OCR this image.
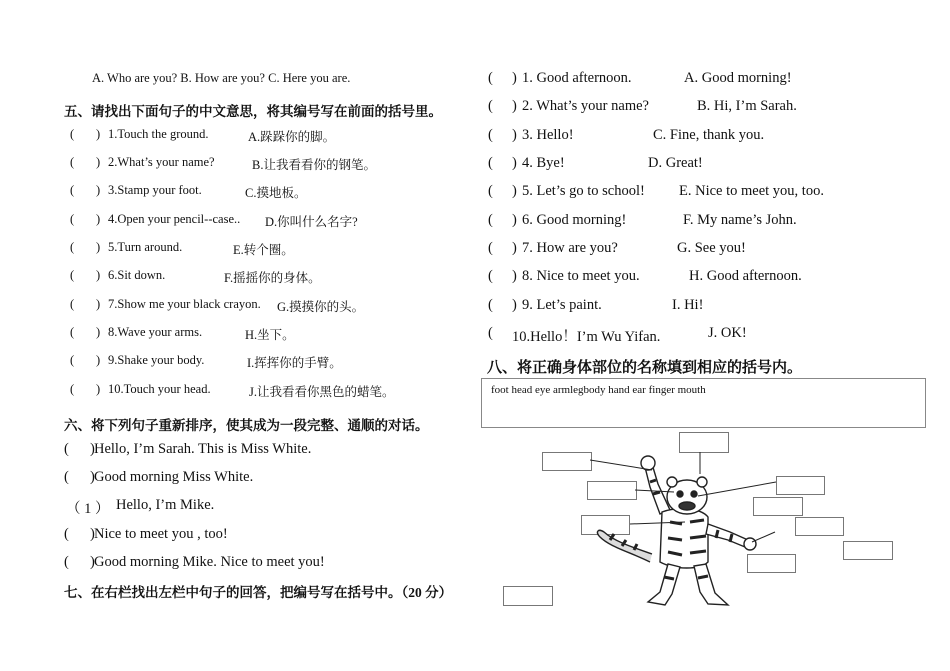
A. Who are you? B. How are you? C. Here you are.
五、请找出下面句子的中文意思，将其编号写在前面的括号里。
( ) 1.Touch the ground.	A.跺跺你的脚。
( ) 2.What’s your name?	B.让我看看你的钢笔。
( ) 3.Stamp your foot.	C.摸地板。
( ) 4.Open your pencil--case.. D.你叫什么名字?
( ) 5.Turn around.	E.转个圈。
( ) 6.Sit down.	F.摇摇你的身体。
( ) 7.Show me your black crayon. G.摸摸你的头。
( ) 8.Wave your arms.	H.坐下。
( ) 9.Shake your body.	I.挥挥你的手臂。
( ) 10.Touch your head.	J.让我看看你黑色的蜡笔。
六、将下列句子重新排序，使其成为一段完整、通顺的对话。
( ) Hello, I’m Sarah. This is Miss White.
( ) Good morning Miss White.
（ 1 ） Hello, I’m Mike.
( ) Nice to meet you , too!
( ) Good morning Mike. Nice to meet you!
七、在右栏找出左栏中句子的回答，把编号写在括号中。（20 分）
( ) 1. Good afternoon.	A. Good morning!
( ) 2. What’s your name?	B. Hi, I’m Sarah.
( ) 3. Hello!	C. Fine, thank you.
( ) 4. Bye!	D. Great!
( ) 5. Let’s go to school! E. Nice to meet you, too.
( ) 6. Good morning!	F. My name’s John.
( ) 7. How are you?	G. See you!
( ) 8. Nice to meet you.	H. Good afternoon.
( ) 9. Let’s paint.	I. Hi!
( 10.Hello！I’m Wu Yifan.	J. OK!
八、将正确身体部位的名称填到相应的括号内。
foot head eye armlegbody hand ear finger mouth
